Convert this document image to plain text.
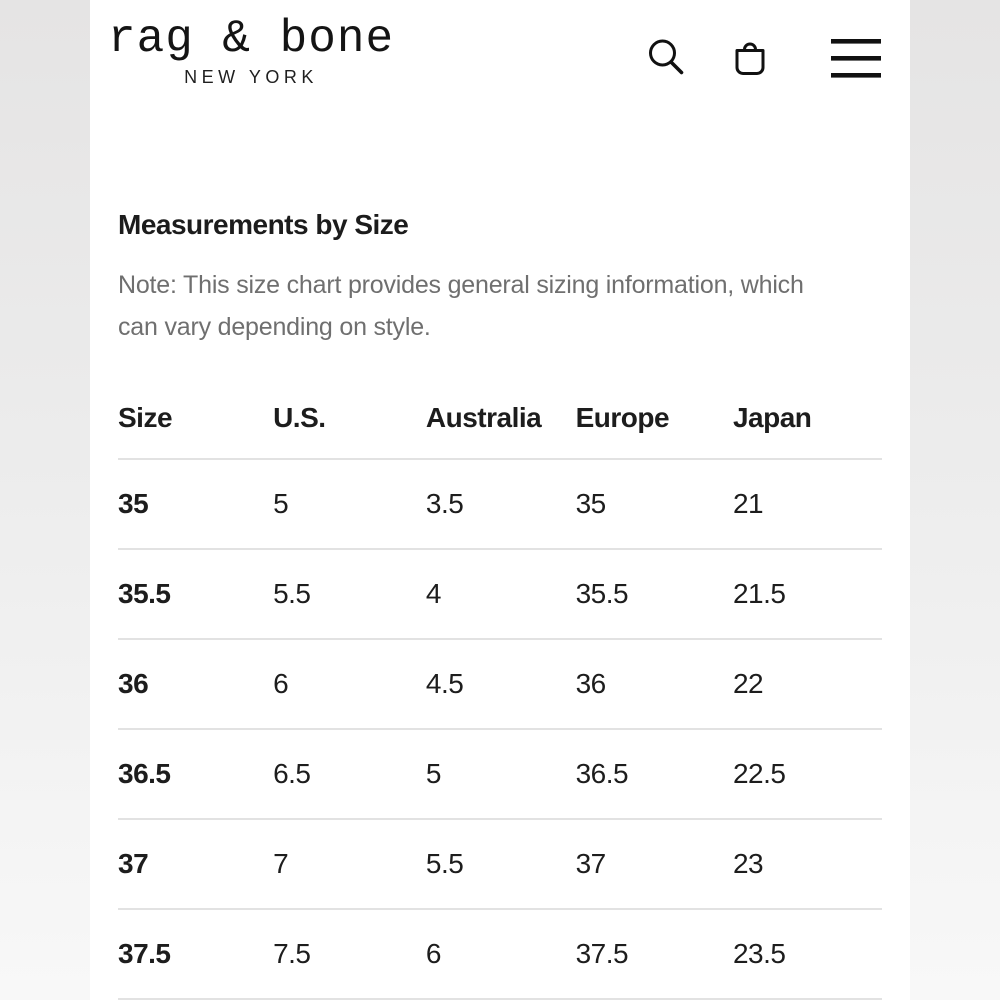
rag & bone
NEW YORK
Measurements by Size

Note: This size chart provides general sizing information, which
can vary depending on style.

Size	U.S.	Australia	Europe	Japan
35	5	3.5	35	21
35.5	5.5	4	35.5	21.5
36	6	4.5	36	22
36.5	6.5	5	36.5	22.5
37	7	5.5	37	23
37.5	7.5	6	37.5	23.5
